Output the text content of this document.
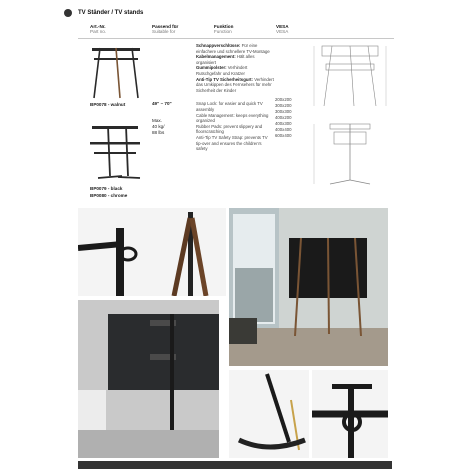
TV Ständer / TV stands
Art.-Nr.
Part no.
Passend für
Suitable for
Funktion
Function
VESA
VESA
BP0078 - walnut
BP0079 - black
BP0080 - chrome
49" – 70"
Max.
40 kg/
88 lbs
Schnappverschlüsse: Für eine einfachere und schnellere TV-Montage
Kabelmanagement: Hält alles organisiert
Gummipolster: Verhindert Rutschgefahr und Kratzer
Anti-Tip TV Sicherheitsgurt: Verhindert das Umkippen des Fernsehers für mehr Sicherheit der Kinder
Snap Lock: for easier and quick TV assembly
Cable Management: keeps everything organized
Rubber Pads: prevent slippery and floorscratching
Anti-Tip TV Safety Strap: prevents TV tip-over and ensures the children's safety
200x200
300x200
300x300
400x200
400x300
400x400
600x400
